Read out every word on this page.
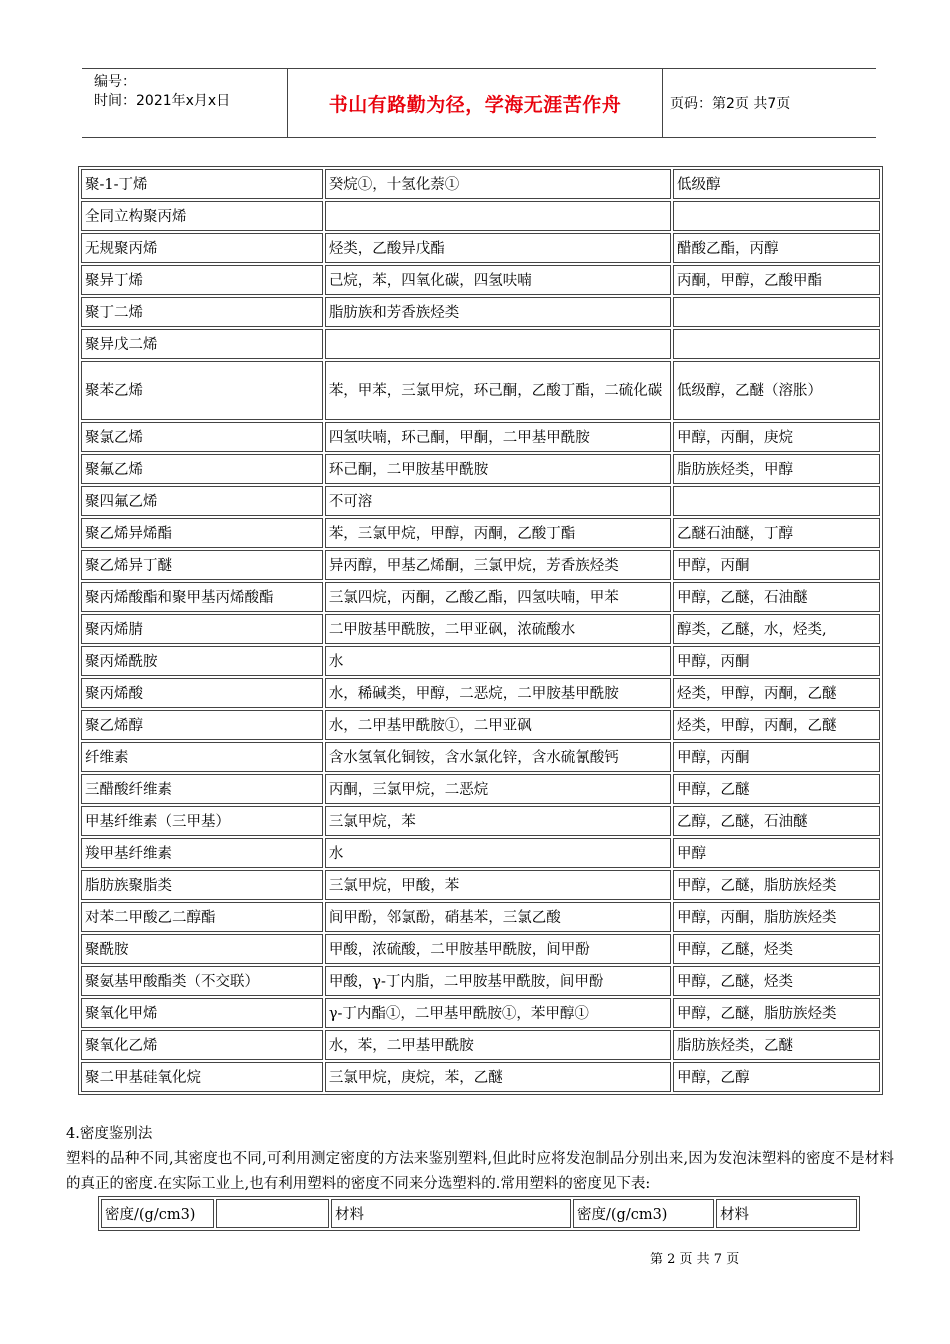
编号：
时间：2021年x月x日	书山有路勤为径，学海无涯苦作舟	页码：第2页 共7页
聚-1-丁烯	癸烷①，十氢化萘①	低级醇
全同立构聚丙烯		
无规聚丙烯	烃类，乙酸异戊酯	醋酸乙酯，丙醇
聚异丁烯	己烷，苯，四氧化碳，四氢呋喃	丙酮，甲醇，乙酸甲酯
聚丁二烯	脂肪族和芳香族烃类	
聚异戊二烯		
聚苯乙烯	苯，甲苯，三氯甲烷，环己酮，乙酸丁酯，二硫化碳	低级醇，乙醚（溶胀）
聚氯乙烯	四氢呋喃，环己酮，甲酮，二甲基甲酰胺	甲醇，丙酮，庚烷
聚氟乙烯	环己酮，二甲胺基甲酰胺	脂肪族烃类，甲醇
聚四氟乙烯	不可溶	
聚乙烯异烯酯	苯，三氯甲烷，甲醇，丙酮，乙酸丁酯	乙醚石油醚，丁醇
聚乙烯异丁醚	异丙醇，甲基乙烯酮，三氯甲烷，芳香族烃类	甲醇，丙酮
聚丙烯酸酯和聚甲基丙烯酸酯	三氯四烷，丙酮，乙酸乙酯，四氢呋喃，甲苯	甲醇，乙醚，石油醚
聚丙烯腈	二甲胺基甲酰胺，二甲亚砜，浓硫酸水	醇类，乙醚，水，烃类,
聚丙烯酰胺	水	甲醇，丙酮
聚丙烯酸	水，稀碱类，甲醇，二恶烷，二甲胺基甲酰胺	烃类，甲醇，丙酮，乙醚
聚乙烯醇	水，二甲基甲酰胺①，二甲亚砜	烃类，甲醇，丙酮，乙醚
纤维素	含水氢氧化铜铵，含水氯化锌，含水硫氰酸钙	甲醇，丙酮
三醋酸纤维素	丙酮，三氯甲烷，二恶烷	甲醇，乙醚
甲基纤维素（三甲基）	三氯甲烷，苯	乙醇，乙醚，石油醚
羧甲基纤维素	水	甲醇
脂肪族聚脂类	三氯甲烷，甲酸，苯	甲醇，乙醚，脂肪族烃类
对苯二甲酸乙二醇酯	间甲酚，邻氯酚，硝基苯，三氯乙酸	甲醇，丙酮，脂肪族烃类
聚酰胺	甲酸，浓硫酸，二甲胺基甲酰胺，间甲酚	甲醇，乙醚，烃类
聚氨基甲酸酯类（不交联）	甲酸，γ-丁内脂，二甲胺基甲酰胺，间甲酚	甲醇，乙醚，烃类
聚氧化甲烯	γ-丁内酯①，二甲基甲酰胺①，苯甲醇①	甲醇，乙醚，脂肪族烃类
聚氧化乙烯	水，苯，二甲基甲酰胺	脂肪族烃类，乙醚
聚二甲基硅氧化烷	三氯甲烷，庚烷，苯，乙醚	甲醇，乙醇
4.密度鉴别法
塑料的品种不同,其密度也不同,可利用测定密度的方法来鉴别塑料,但此时应将发泡制品分别出来,因为发泡沫塑料的密度不是材料的真正的密度.在实际工业上,也有利用塑料的密度不同来分选塑料的.常用塑料的密度见下表:
密度/(g/cm3)		材料	密度/(g/cm3)	材料
第 2 页 共 7 页
